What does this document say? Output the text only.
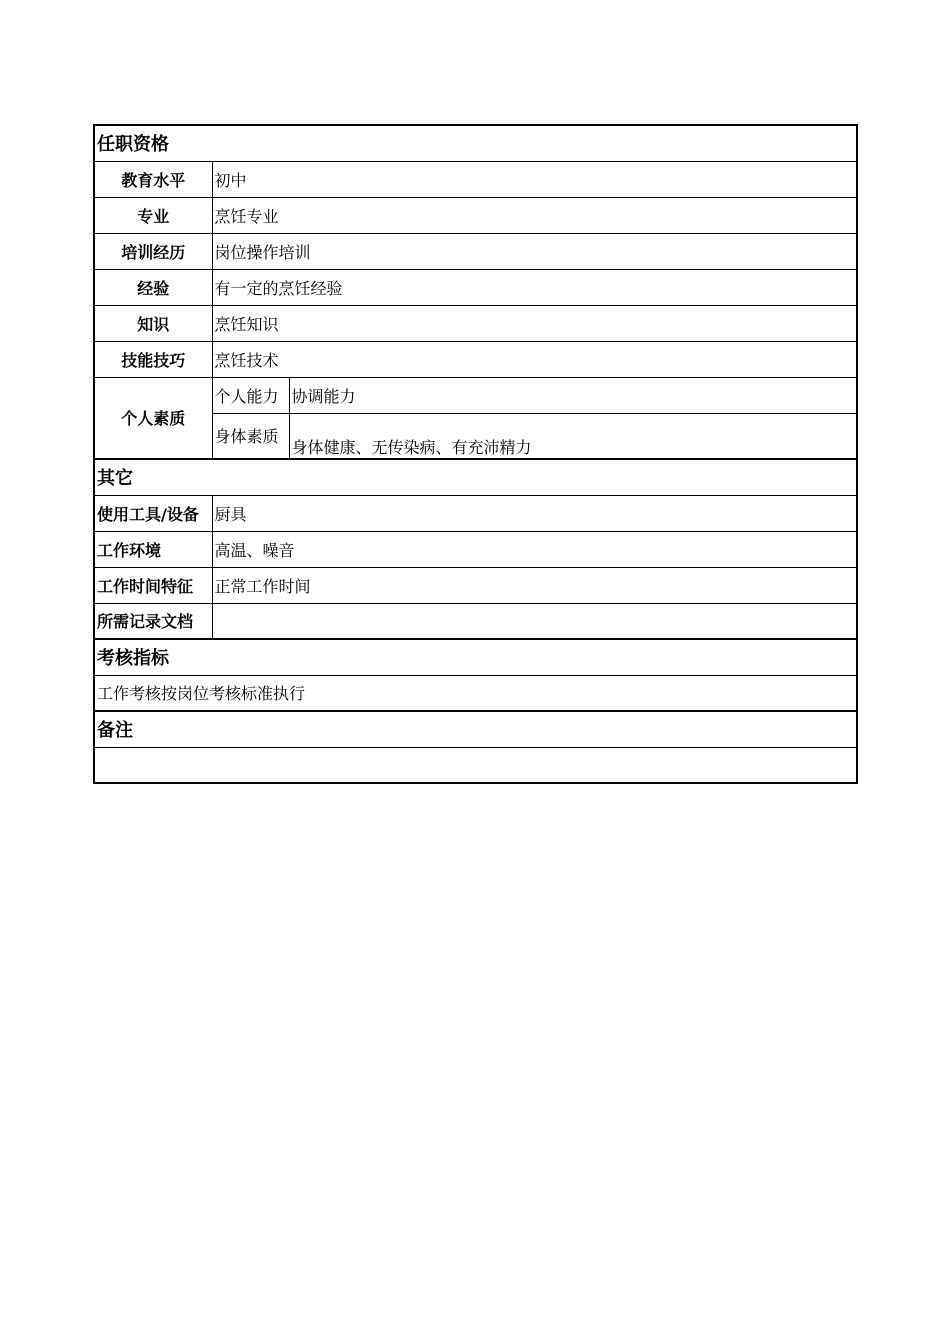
任职资格		
教育水平	初中	
专业	烹饪专业	
培训经历	岗位操作培训	
经验	有一定的烹饪经验	
知识	烹饪知识	
技能技巧	烹饪技术	
个人素质	个人能力	协调能力
	身体素质	身体健康、无传染病、有充沛精力
其它		
使用工具/设备	厨具	
工作环境	高温、噪音	
工作时间特征	正常工作时间	
所需记录文档		
考核指标		
工作考核按岗位考核标准执行		
备注		
